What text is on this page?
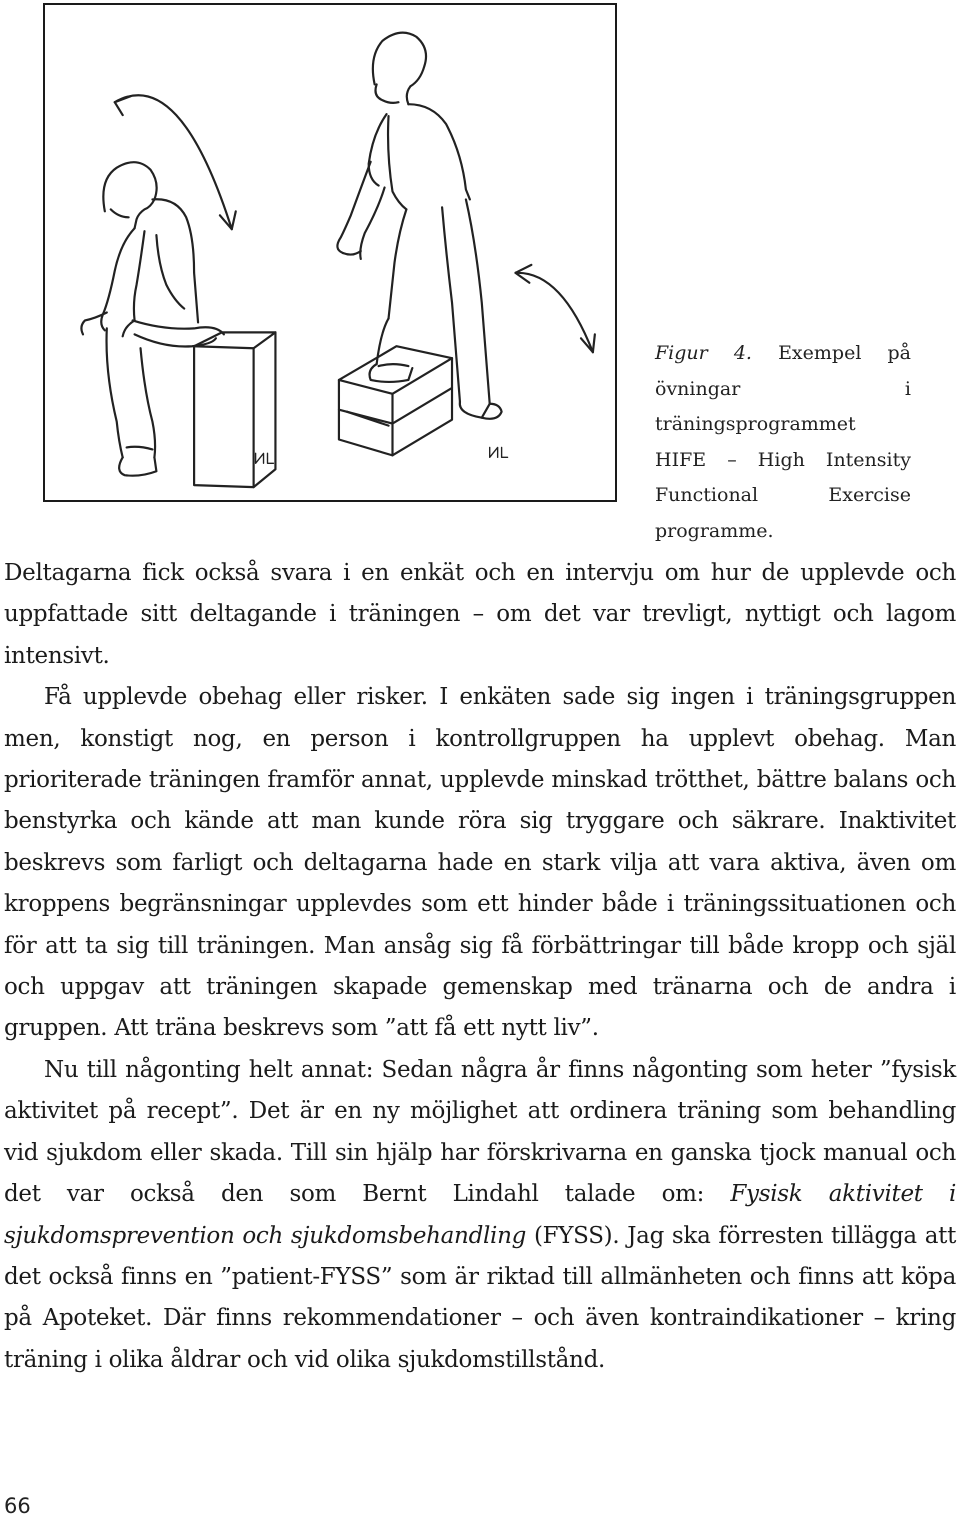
Figur 4. Exempel på övningar i träningsprogrammet HIFE – High Intensity Functional Exercise programme.

Deltagarna fick också svara i en enkät och en intervju om hur de upplevde och uppfattade sitt deltagande i träningen – om det var trevligt, nyttigt och lagom intensivt.

Få upplevde obehag eller risker. I enkäten sade sig ingen i träningsgruppen men, konstigt nog, en person i kontrollgruppen ha upplevt obehag. Man prioriterade träningen framför annat, upplevde minskad trötthet, bättre balans och benstyrka och kände att man kunde röra sig tryggare och säkrare. Inaktivitet beskrevs som farligt och deltagarna hade en stark vilja att vara aktiva, även om kroppens begränsningar upplevdes som ett hinder både i träningssituationen och för att ta sig till träningen. Man ansåg sig få förbättringar till både kropp och själ och uppgav att träningen skapade gemenskap med tränarna och de andra i gruppen. Att träna beskrevs som ”att få ett nytt liv”.

Nu till någonting helt annat: Sedan några år finns någonting som heter ”fysisk aktivitet på recept”. Det är en ny möjlighet att ordinera träning som behandling vid sjukdom eller skada. Till sin hjälp har förskrivarna en ganska tjock manual och det var också den som Bernt Lindahl talade om: Fysisk aktivitet i sjukdomsprevention och sjukdomsbehandling (FYSS). Jag ska förresten tillägga att det också finns en ”patient-FYSS” som är riktad till allmänheten och finns att köpa på Apoteket. Där finns rekommendationer – och även kontraindikationer – kring träning i olika åldrar och vid olika sjukdomstillstånd.

66
